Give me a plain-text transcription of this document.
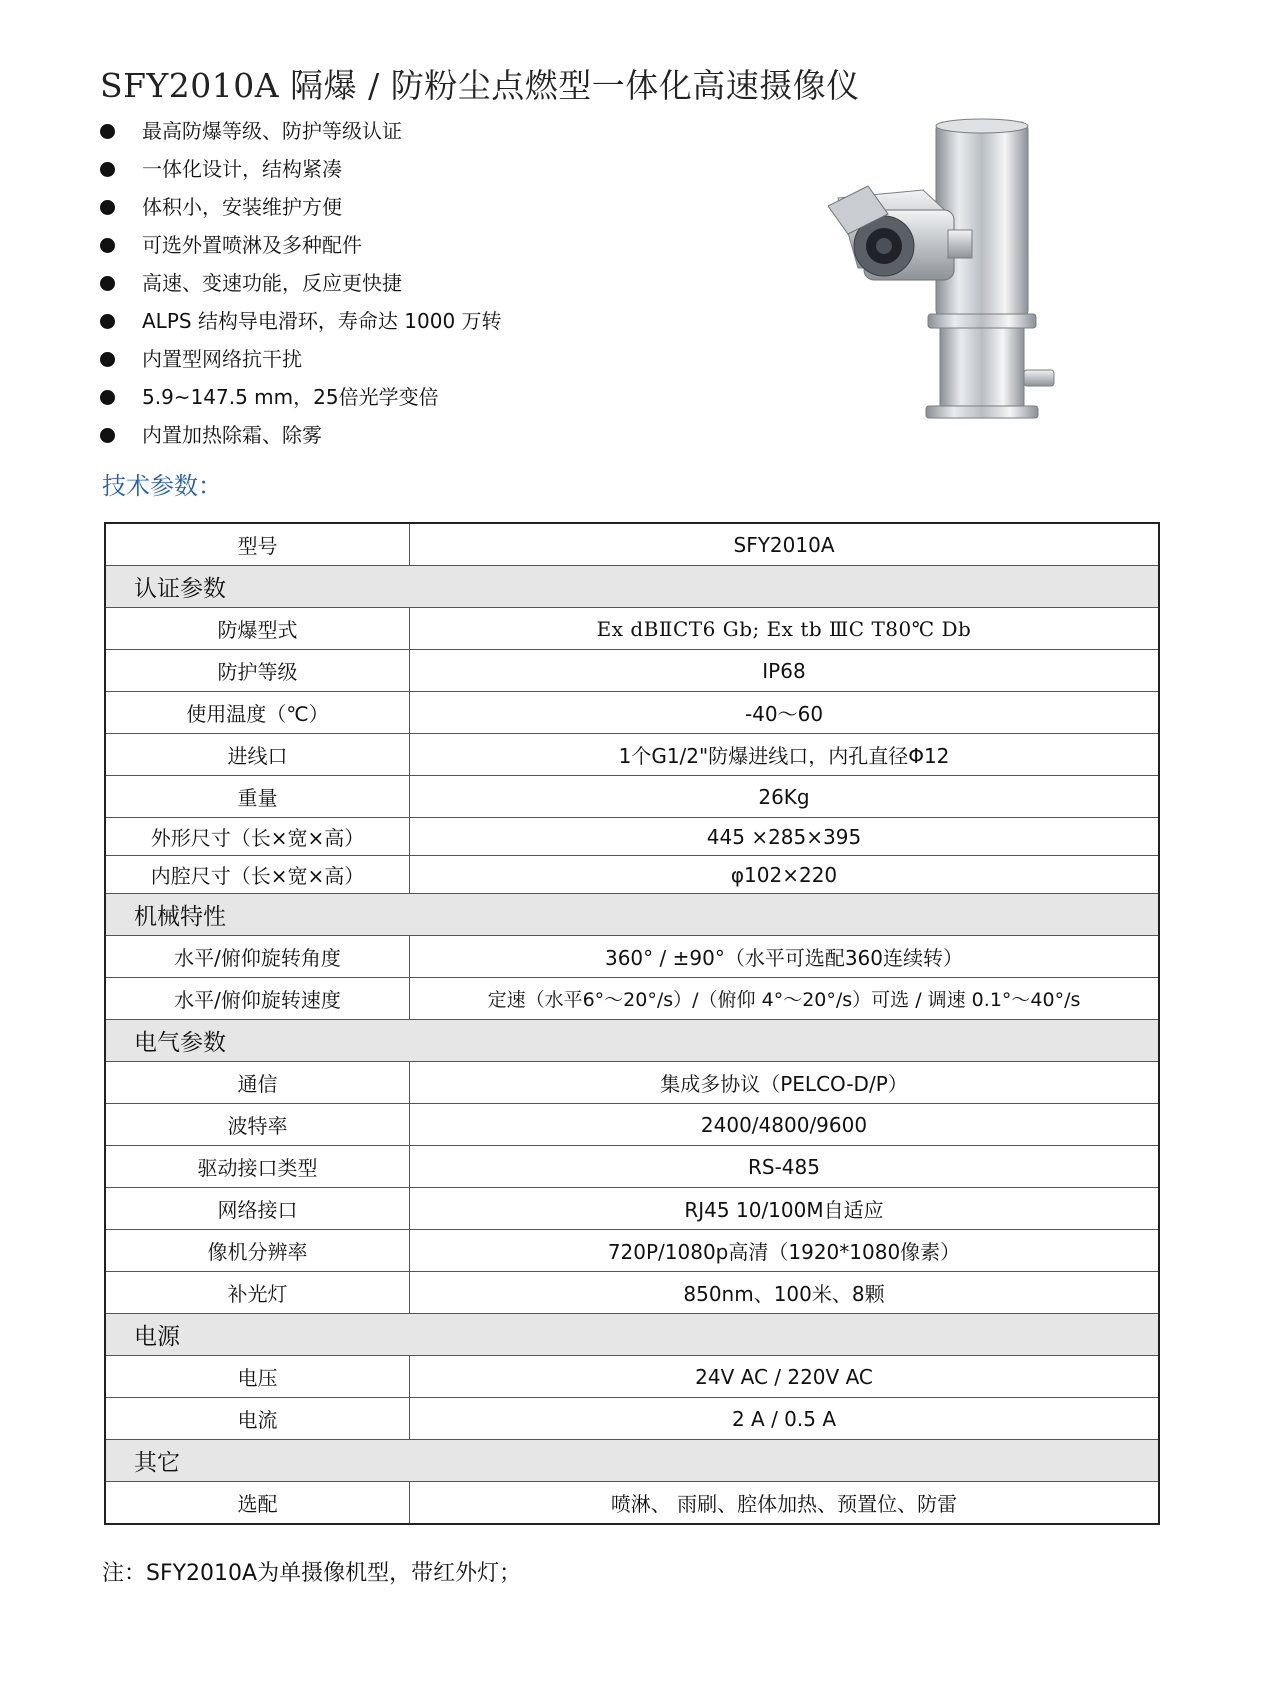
SFY2010A 隔爆 / 防粉尘点燃型一体化高速摄像仪
最高防爆等级、防护等级认证
一体化设计，结构紧凑
体积小，安装维护方便
可选外置喷淋及多种配件
高速、变速功能，反应更快捷
ALPS 结构导电滑环，寿命达 1000 万转
内置型网络抗干扰
5.9~147.5 mm，25倍光学变倍
内置加热除霜、除雾
技术参数：
型号	SFY2010A
认证参数	
防爆型式	Ex dBⅡCT6 Gb; Ex tb ⅢC T80℃ Db
防护等级	IP68
使用温度（℃）	-40～60
进线口	1个G1/2"防爆进线口，内孔直径Φ12
重量	26Kg
外形尺寸（长×宽×高）	445 ×285×395
内腔尺寸（长×宽×高）	φ102×220
机械特性	
水平/俯仰旋转角度	360° / ±90°（水平可选配360连续转）
水平/俯仰旋转速度	定速（水平6°～20°/s）/（俯仰 4°～20°/s）可选 / 调速 0.1°～40°/s
电气参数	
通信	集成多协议（PELCO-D/P）
波特率	2400/4800/9600
驱动接口类型	RS-485
网络接口	RJ45 10/100M自适应
像机分辨率	720P/1080p高清（1920*1080像素）
补光灯	850nm、100米、8颗
电源	
电压	24V AC / 220V AC
电流	2 A / 0.5 A
其它	
选配	喷淋、 雨刷、腔体加热、预置位、防雷
注：SFY2010A为单摄像机型，带红外灯；
